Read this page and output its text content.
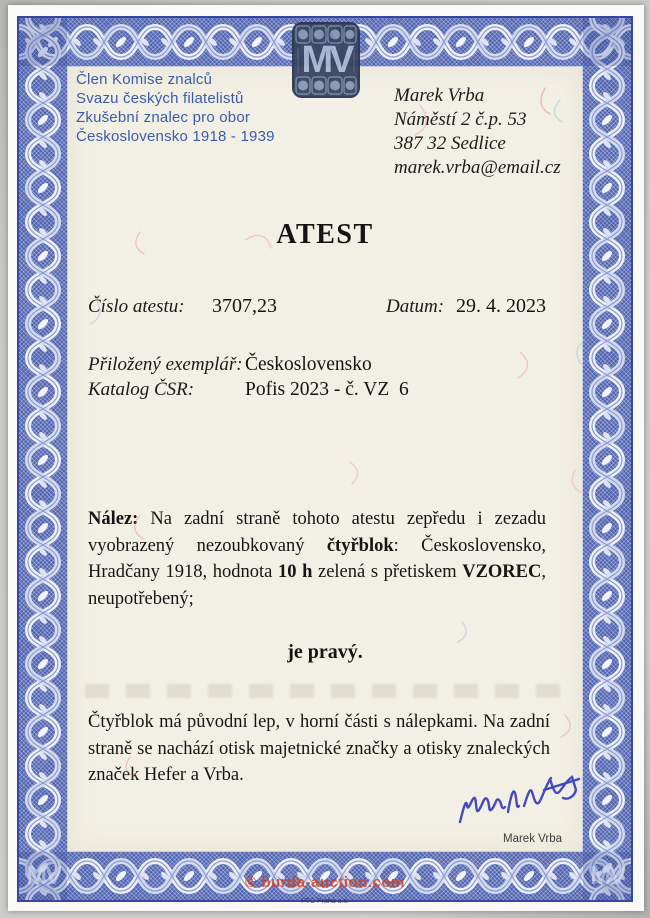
MV	MV
Člen Komise znalců
Svazu českých filatelistů
Zkušební znalec pro obor
Československo 1918 - 1939
MV
Marek Vrba
Náměstí 2 č.p. 53
387 32 Sedlice
marek.vrba@email.cz
ATEST
Číslo atestu: 3707,23	Datum: 29. 4. 2023
Přiložený exemplář: Československo
Katalog ČSR:	Pofis 2023 - č. VZ  6
Nález: Na zadní straně tohoto atestu zepředu i zezadu vyobrazený nezoubkovaný čtyřblok: Československo, Hradčany 1918, hodnota 10 h zelená s přetiskem VZOREC, neupotřebený;
je pravý.
Čtyřblok má původní lep, v horní části s nálepkami. Na zadní straně se nachází otisk majetnické značky a otisky znaleckých značek Hefer a Vrba.
Marek Vrba
© burda-auction.com
PTC Praha a.s.
